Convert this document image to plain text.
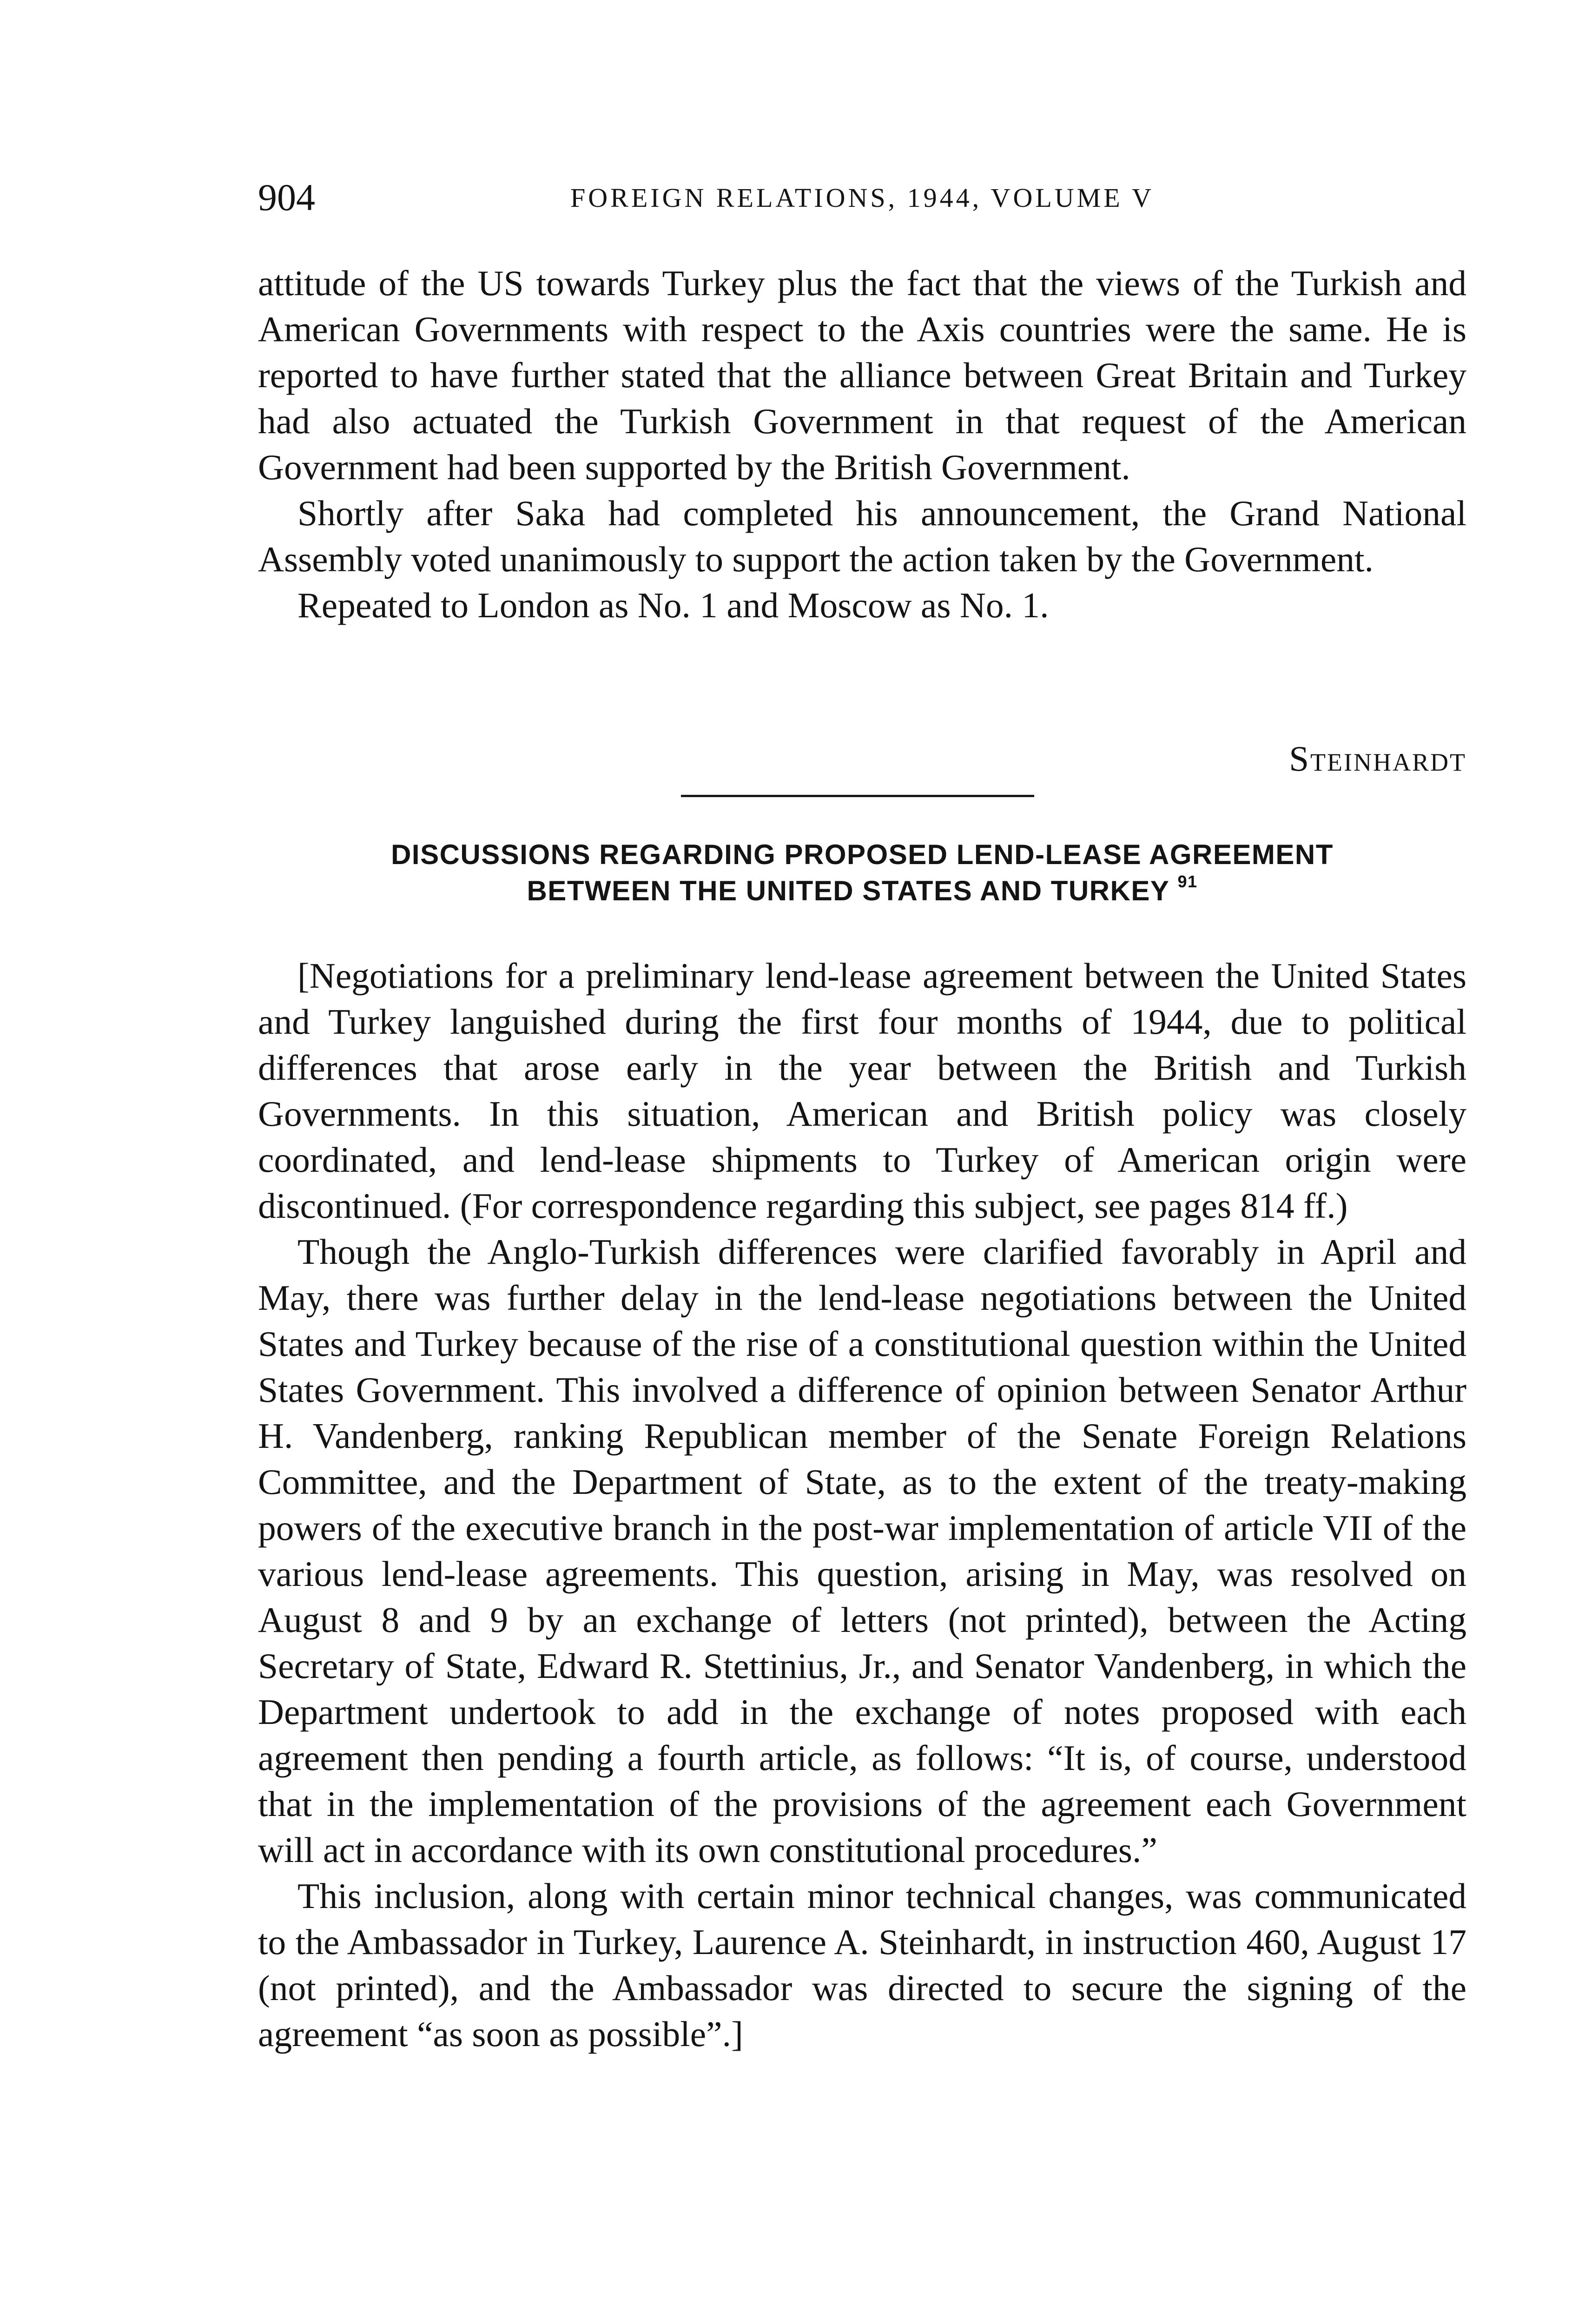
904	FOREIGN RELATIONS, 1944, VOLUME V

attitude of the US towards Turkey plus the fact that the views of the Turkish and American Governments with respect to the Axis countries were the same. He is reported to have further stated that the alliance between Great Britain and Turkey had also actuated the Turkish Government in that request of the American Government had been supported by the British Government.

Shortly after Saka had completed his announcement, the Grand National Assembly voted unanimously to support the action taken by the Government.

Repeated to London as No. 1 and Moscow as No. 1.

Steinhardt
DISCUSSIONS REGARDING PROPOSED LEND-LEASE AGREEMENT
BETWEEN THE UNITED STATES AND TURKEY $^{91}$

[Negotiations for a preliminary lend-lease agreement between the United States and Turkey languished during the first four months of 1944, due to political differences that arose early in the year between the British and Turkish Governments. In this situation, American and British policy was closely coordinated, and lend-lease shipments to Turkey of American origin were discontinued. (For correspondence regarding this subject, see pages 814 ff.)

Though the Anglo-Turkish differences were clarified favorably in April and May, there was further delay in the lend-lease negotiations between the United States and Turkey because of the rise of a constitutional question within the United States Government. This involved a difference of opinion between Senator Arthur H. Vandenberg, ranking Republican member of the Senate Foreign Relations Committee, and the Department of State, as to the extent of the treaty-making powers of the executive branch in the post-war implementation of article VII of the various lend-lease agreements. This question, arising in May, was resolved on August 8 and 9 by an exchange of letters (not printed), between the Acting Secretary of State, Edward R. Stettinius, Jr., and Senator Vandenberg, in which the Department undertook to add in the exchange of notes proposed with each agreement then pending a fourth article, as follows: “It is, of course, understood that in the implementation of the provisions of the agreement each Government will act in accordance with its own constitutional procedures.”

This inclusion, along with certain minor technical changes, was communicated to the Ambassador in Turkey, Laurence A. Steinhardt, in instruction 460, August 17 (not printed), and the Ambassador was directed to secure the signing of the agreement “as soon as possible”.]
